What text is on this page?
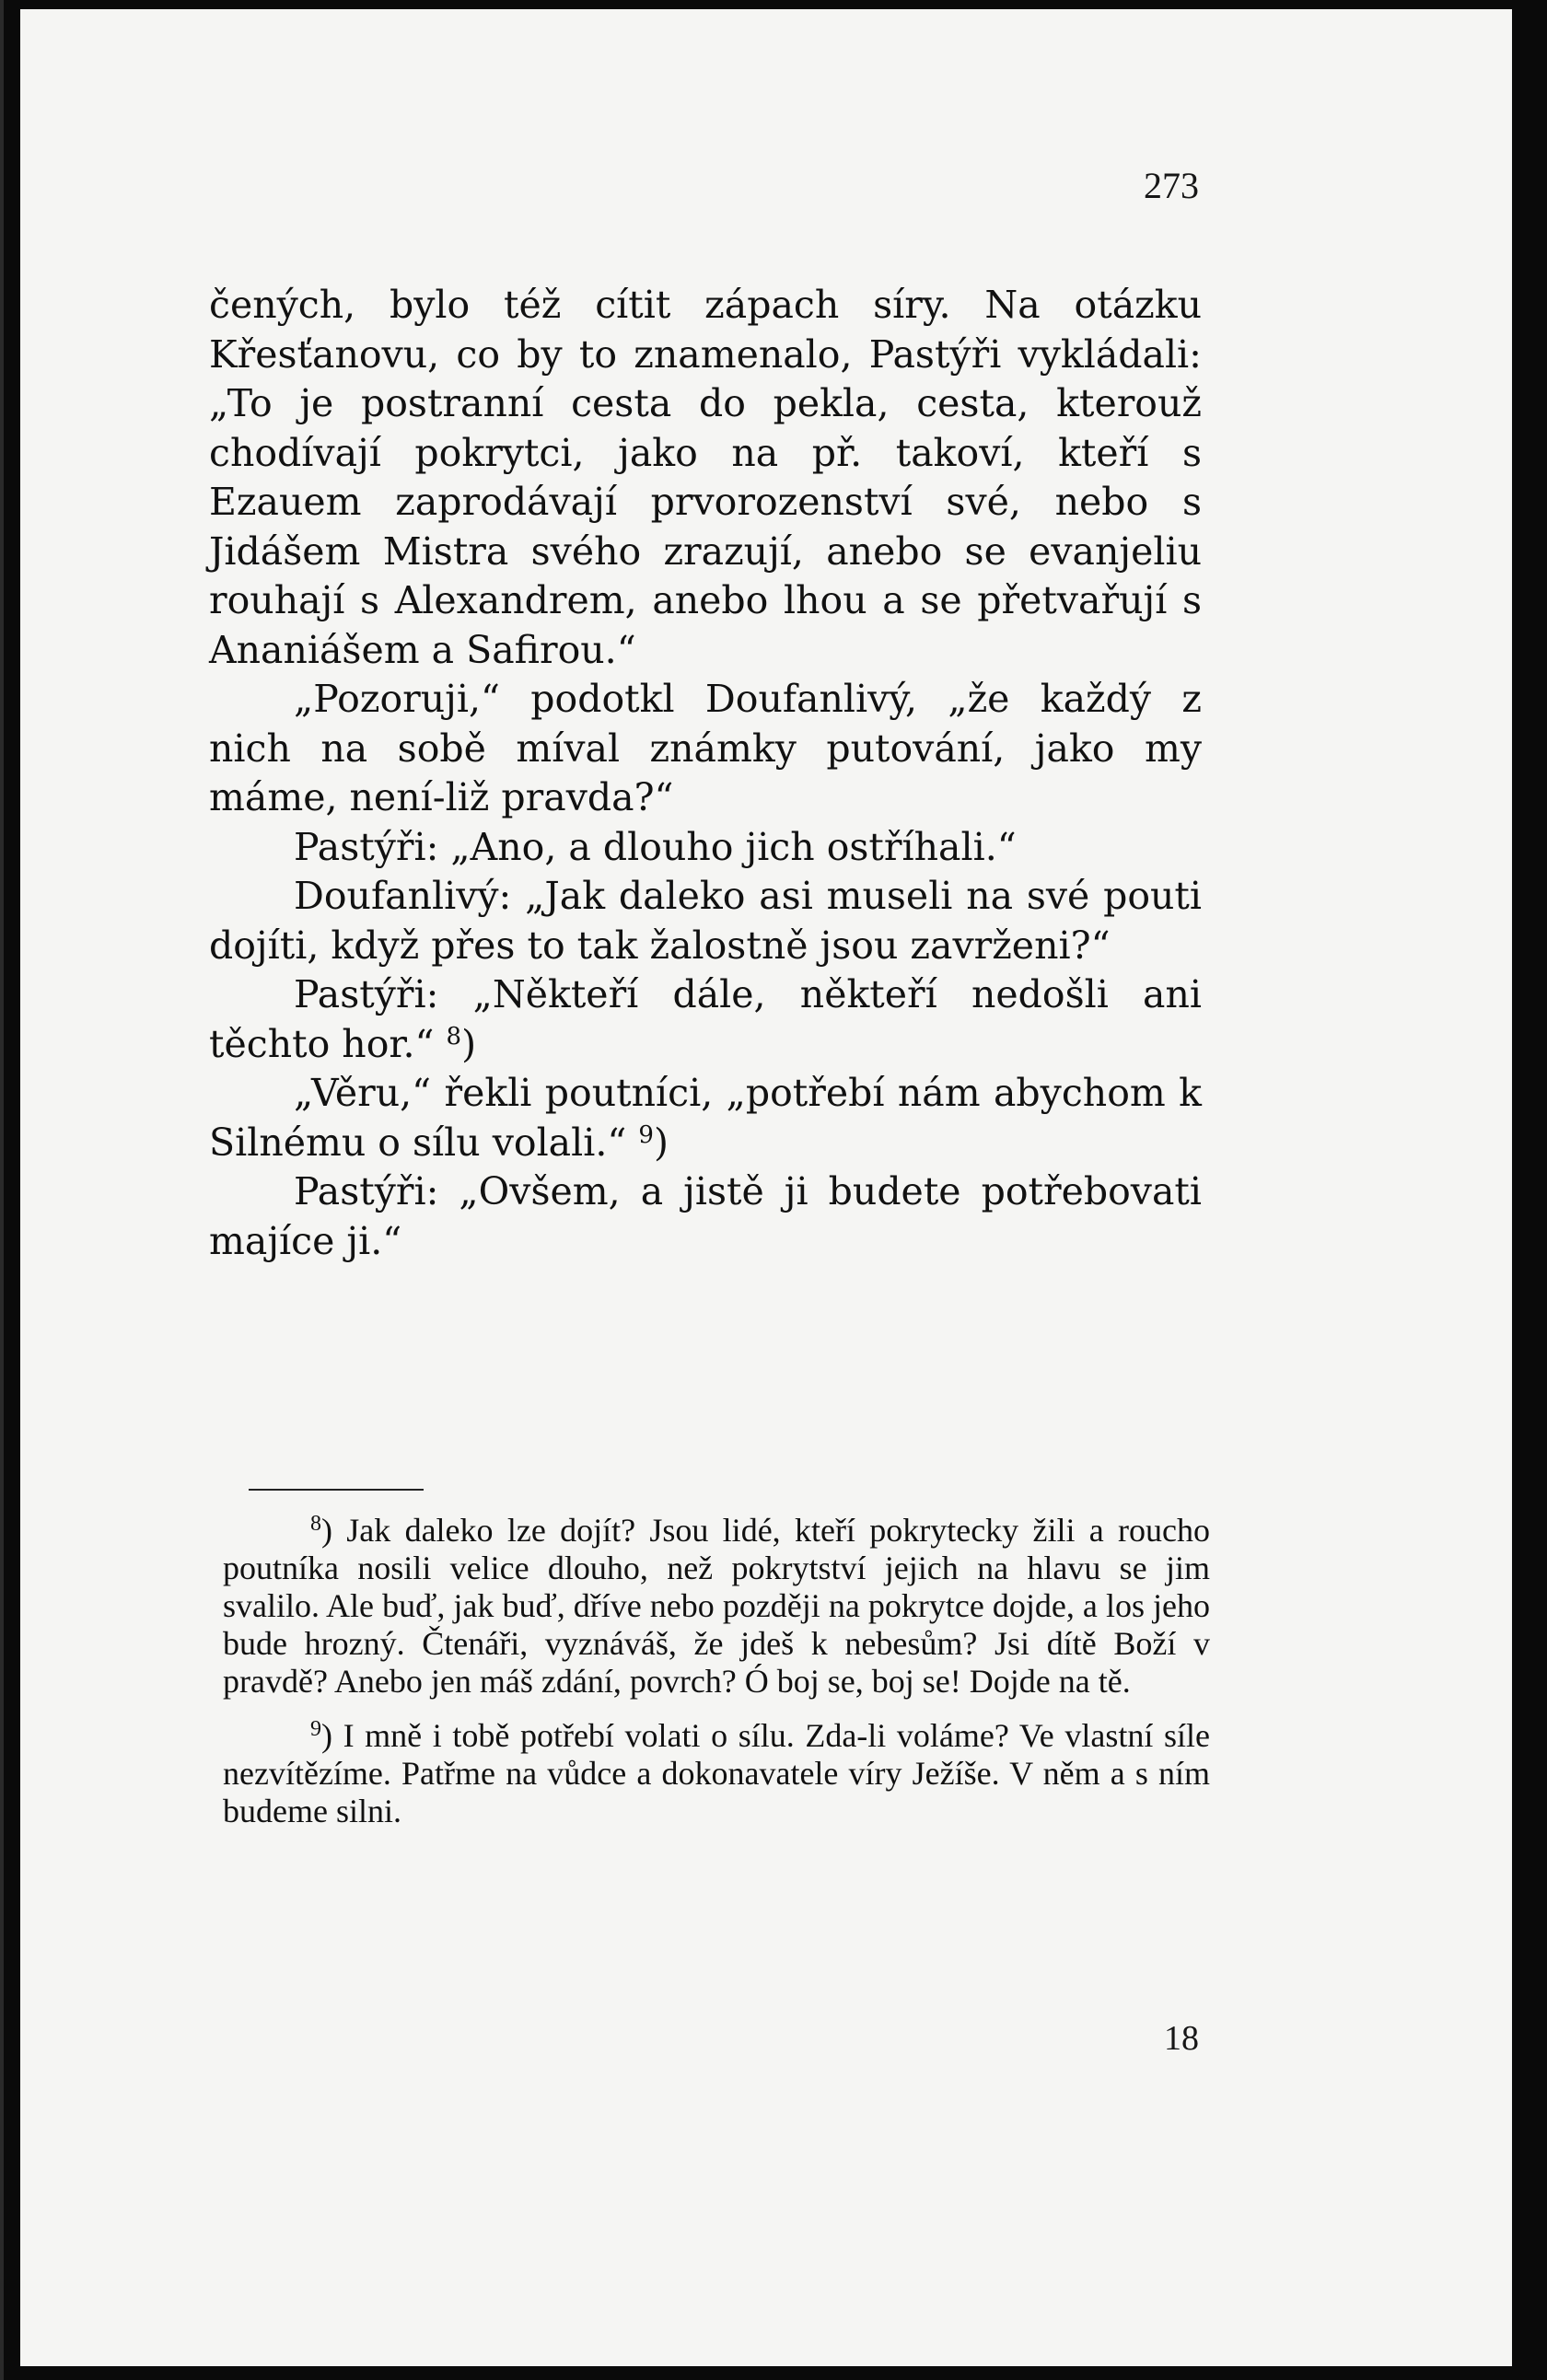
273

čených, bylo též cítit zápach síry. Na otázku Křesťanovu, co by to znamenalo, Pastýři vykládali: „To je postranní cesta do pekla, cesta, kterouž chodívají pokrytci, jako na př. takoví, kteří s Ezauem zaprodávají prvorozenství své, nebo s Jidášem Mistra svého zrazují, anebo se evanjeliu rouhají s Alexandrem, anebo lhou a se přetvařují s Ananiášem a Safirou.“

„Pozoruji,“ podotkl Doufanlivý, „že každý z nich na sobě míval známky putování, jako my máme, není-liž pravda?“

Pastýři: „Ano, a dlouho jich ostříhali.“

Doufanlivý: „Jak daleko asi museli na své pouti dojíti, když přes to tak žalostně jsou zavrženi?“

Pastýři: „Někteří dále, někteří nedošli ani těchto hor.“ $^8$)

„Věru,“ řekli poutníci, „potřebí nám abychom k Silnému o sílu volali.“ $^9$)

Pastýři: „Ovšem, a jistě ji budete potřebovati majíce ji.“

$^8$) Jak daleko lze dojít? Jsou lidé, kteří pokrytecky žili a roucho poutníka nosili velice dlouho, než pokrytství jejich na hlavu se jim svalilo. Ale buď, jak buď, dříve nebo později na pokrytce dojde, a los jeho bude hrozný. Čtenáři, vyznáváš, že jdeš k nebesům? Jsi dítě Boží v pravdě? Anebo jen máš zdání, povrch? Ó boj se, boj se! Dojde na tě.

$^9$) I mně i tobě potřebí volati o sílu. Zda-li voláme? Ve vlastní síle nezvítězíme. Patřme na vůdce a dokonavatele víry Ježíše. V něm a s ním budeme silni.

18
